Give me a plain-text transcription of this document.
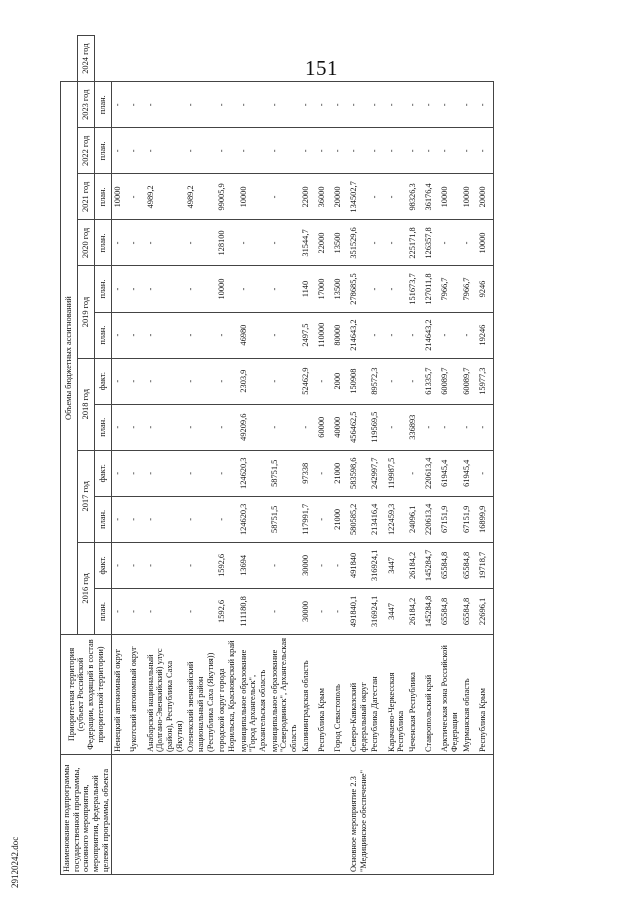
151
29120242.doc	Наименование подпрограммы государственной программы, основного мероприятия, мероприятия, федеральной целевой программы, объекта	Приоритетная территория (субъект Российской Федерации, входящий в состав приоритетной территории)	Объемы бюджетных ассигнований												
		2016 год		2017 год		2018 год		2019 год		2020 год	2021 год	2022 год	2023 год	2024 год
		план.	факт.	план.	факт.	план.	факт.	план.	план.	план.	план.	план.	план.	
	Ненецкий автономный округ	-	-	-	-	-	-	-	-	-	10000	-	-	
	Чукотский автономный округ	-	-	-	-	-	-	-	-	-	-	-	-	
	Анабарский национальный (Долгано-Эвенкийский) улус (район), Республика Саха (Якутия)	-	-	-	-	-	-	-	-	-	4989,2	-	-	
	Оленекский эвенкийский национальный район (Республика Саха (Якутия))	-	-	-	-	-	-	-	-	-	4989,2	-	-	
	городской округ города Норильска, Красноярский край	1592,6	1592,6	-	-	-	-	-	10000	128100	99005,9	-	-	
	муниципальное образование "Город Архангельск", Архангельская область	111180,8	13694	124620,3	124620,3	49209,6	2303,9	46980	-	-	10000	-	-	
	муниципальное образование "Северодвинск", Архангельская область	-	-	58751,5	58751,5	-	-	-	-	-	-	-	-	
	Калининградская область	30000	30000	117991,7	97338	-	52462,9	2497,5	1140	31544,7	22000	-	-	
	Республика Крым	-	-	-	-	60000	-	110000	17000	22000	36000	-	-	
	Город Севастополь	-	-	21000	21000	40000	2000	80000	13500	13500	20000	-	-	
Основное мероприятие 2.3 "Медицинское обеспечение"	Северо-Кавказский федеральный округ	491840,1	491840	580585,2	583598,6	456462,5	150908	214643,2	278685,5	351529,6	134502,7	-	-	
	Республика Дагестан	316924,1	316924,1	213416,4	242997,7	119569,5	89572,3	-	-	-	-	-	-	
	Карачаево-Черкесская Республика	3447	3447	122459,3	119987,5	-	-	-	-	-	-	-	-	
	Чеченская Республика	26184,2	26184,2	24096,1	-	336893	-	-	151673,7	225171,8	98326,3	-	-	
	Ставропольский край	145284,8	145284,7	220613,4	220613,4	-	61335,7	214643,2	127011,8	126357,8	36176,4	-	-	
	Арктическая зона Российской Федерации	65584,8	65584,8	67151,9	61945,4	-	60089,7	-	7966,7	-	10000	-	-	
	Мурманская область	65584,8	65584,8	67151,9	61945,4	-	60089,7	-	7966,7	-	10000	-	-	
	Республика Крым	22696,1	19718,7	16899,9	-	-	15977,3	19246	9246	10000	20000	-	-	
